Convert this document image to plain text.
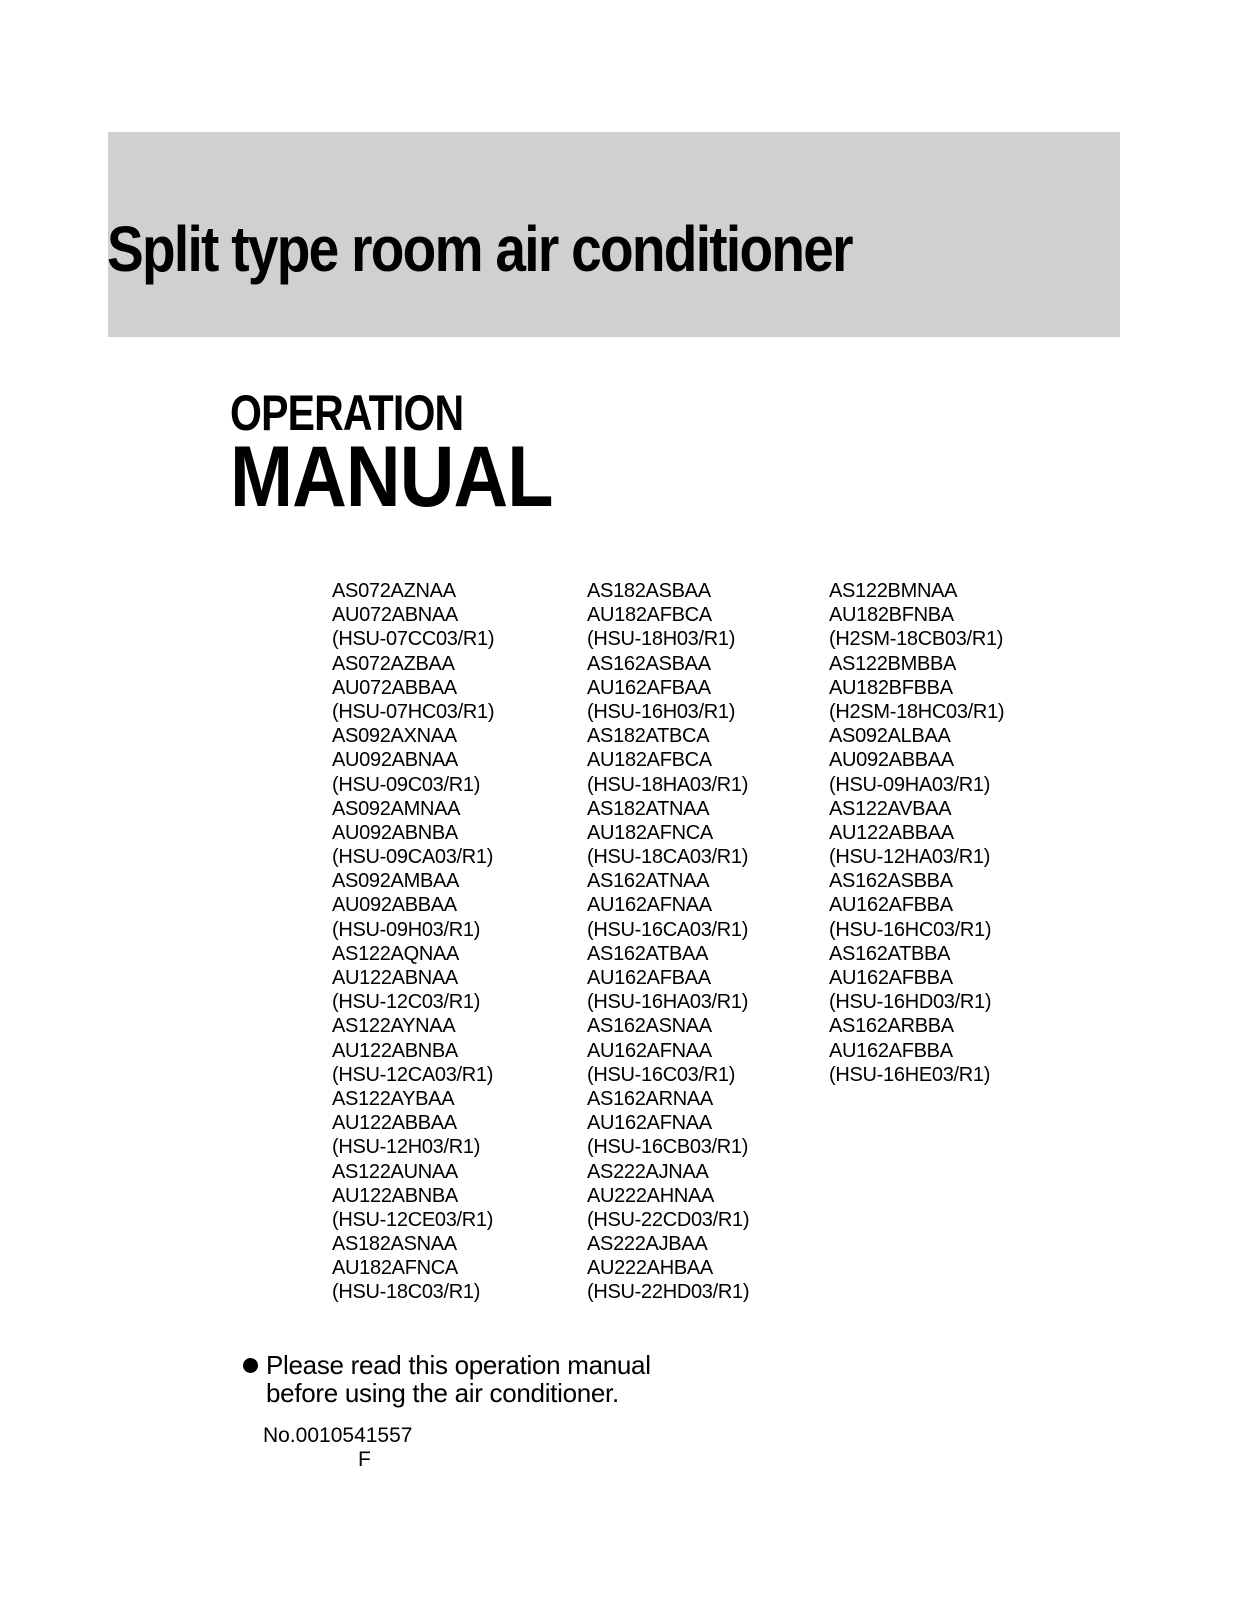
Split type room air conditioner
OPERATION
MANUAL
AS072AZNAA
AU072ABNAA
(HSU-07CC03/R1)
AS072AZBAA
AU072ABBAA
(HSU-07HC03/R1)
AS092AXNAA
AU092ABNAA
(HSU-09C03/R1)
AS092AMNAA
AU092ABNBA
(HSU-09CA03/R1)
AS092AMBAA
AU092ABBAA
(HSU-09H03/R1)
AS122AQNAA
AU122ABNAA
(HSU-12C03/R1)
AS122AYNAA
AU122ABNBA
(HSU-12CA03/R1)
AS122AYBAA
AU122ABBAA
(HSU-12H03/R1)
AS122AUNAA
AU122ABNBA
(HSU-12CE03/R1)
AS182ASNAA
AU182AFNCA
(HSU-18C03/R1)
AS182ASBAA
AU182AFBCA
(HSU-18H03/R1)
AS162ASBAA
AU162AFBAA
(HSU-16H03/R1)
AS182ATBCA
AU182AFBCA
(HSU-18HA03/R1)
AS182ATNAA
AU182AFNCA
(HSU-18CA03/R1)
AS162ATNAA
AU162AFNAA
(HSU-16CA03/R1)
AS162ATBAA
AU162AFBAA
(HSU-16HA03/R1)
AS162ASNAA
AU162AFNAA
(HSU-16C03/R1)
AS162ARNAA
AU162AFNAA
(HSU-16CB03/R1)
AS222AJNAA
AU222AHNAA
(HSU-22CD03/R1)
AS222AJBAA
AU222AHBAA
(HSU-22HD03/R1)
AS122BMNAA
AU182BFNBA
(H2SM-18CB03/R1)
AS122BMBBA
AU182BFBBA
(H2SM-18HC03/R1)
AS092ALBAA
AU092ABBAA
(HSU-09HA03/R1)
AS122AVBAA
AU122ABBAA
(HSU-12HA03/R1)
AS162ASBBA
AU162AFBBA
(HSU-16HC03/R1)
AS162ATBBA
AU162AFBBA
(HSU-16HD03/R1)
AS162ARBBA
AU162AFBBA
(HSU-16HE03/R1)
Please read this operation manual
before using the air conditioner.
No.0010541557
F
